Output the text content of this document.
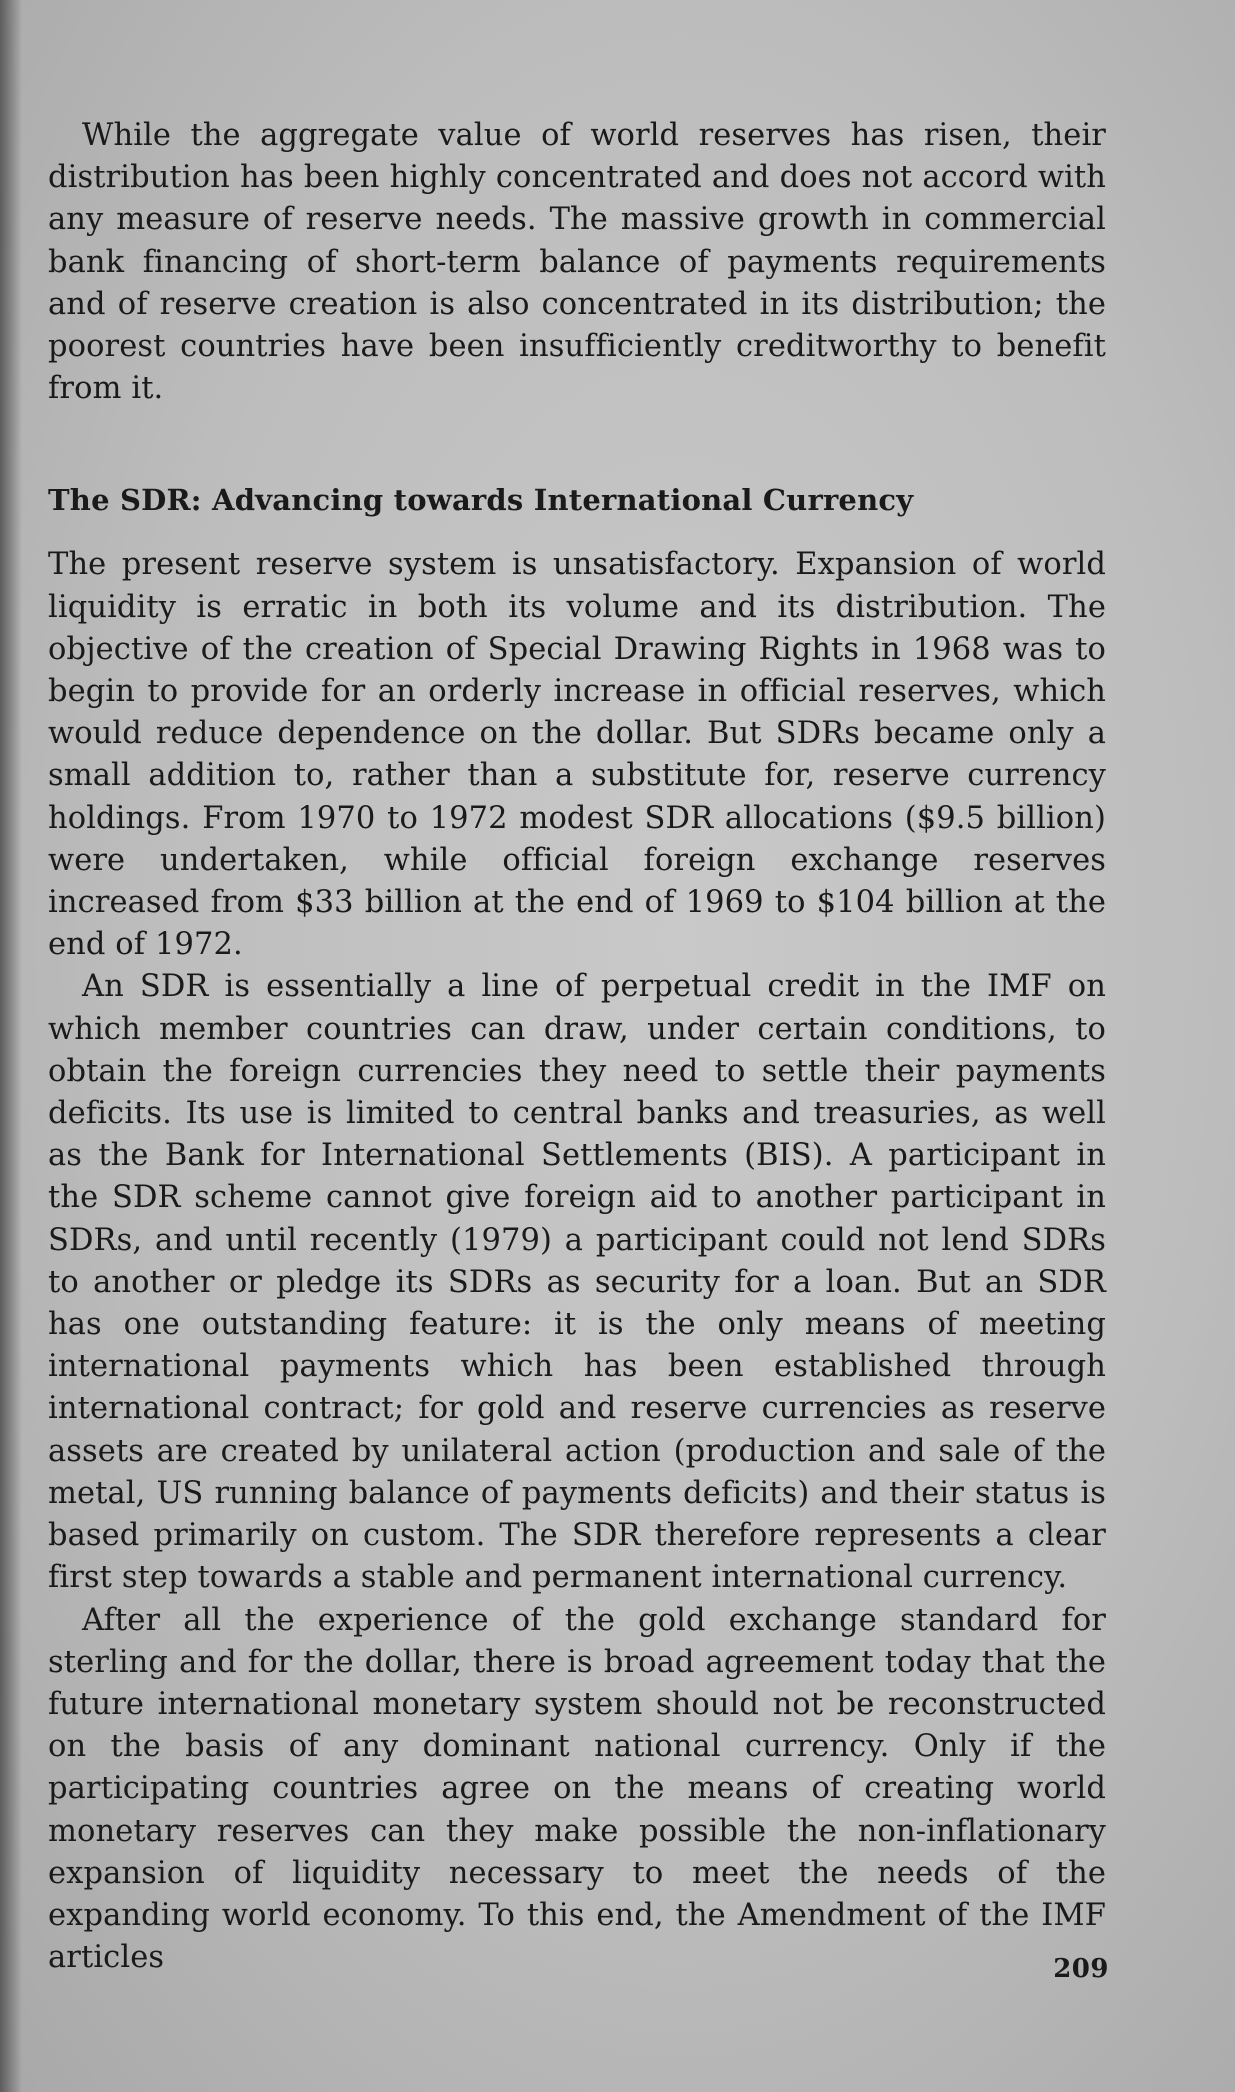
While the aggregate value of world reserves has risen, their distribution has been highly concentrated and does not accord with any measure of reserve needs. The massive growth in commercial bank financing of short-term balance of payments requirements and of reserve creation is also concentrated in its distribution; the poorest countries have been insufficiently creditworthy to benefit from it.

The SDR: Advancing towards International Currency

The present reserve system is unsatisfactory. Expansion of world liquidity is erratic in both its volume and its distribution. The objective of the creation of Special Drawing Rights in 1968 was to begin to provide for an orderly increase in official reserves, which would reduce dependence on the dollar. But SDRs became only a small addition to, rather than a substitute for, reserve currency holdings. From 1970 to 1972 modest SDR allocations ($9.5 billion) were undertaken, while official foreign exchange reserves increased from $33 billion at the end of 1969 to $104 billion at the end of 1972.

An SDR is essentially a line of perpetual credit in the IMF on which member countries can draw, under certain conditions, to obtain the foreign currencies they need to settle their payments deficits. Its use is limited to central banks and treasuries, as well as the Bank for International Settlements (BIS). A participant in the SDR scheme cannot give foreign aid to another participant in SDRs, and until recently (1979) a participant could not lend SDRs to another or pledge its SDRs as security for a loan. But an SDR has one outstanding feature: it is the only means of meeting international payments which has been established through international contract; for gold and reserve currencies as reserve assets are created by unilateral action (production and sale of the metal, US running balance of payments deficits) and their status is based primarily on custom. The SDR therefore represents a clear first step towards a stable and permanent international currency.

After all the experience of the gold exchange standard for sterling and for the dollar, there is broad agreement today that the future international monetary system should not be reconstructed on the basis of any dominant national currency. Only if the participating countries agree on the means of creating world monetary reserves can they make possible the non-inflationary expansion of liquidity necessary to meet the needs of the expanding world economy. To this end, the Amendment of the IMF articles	209
